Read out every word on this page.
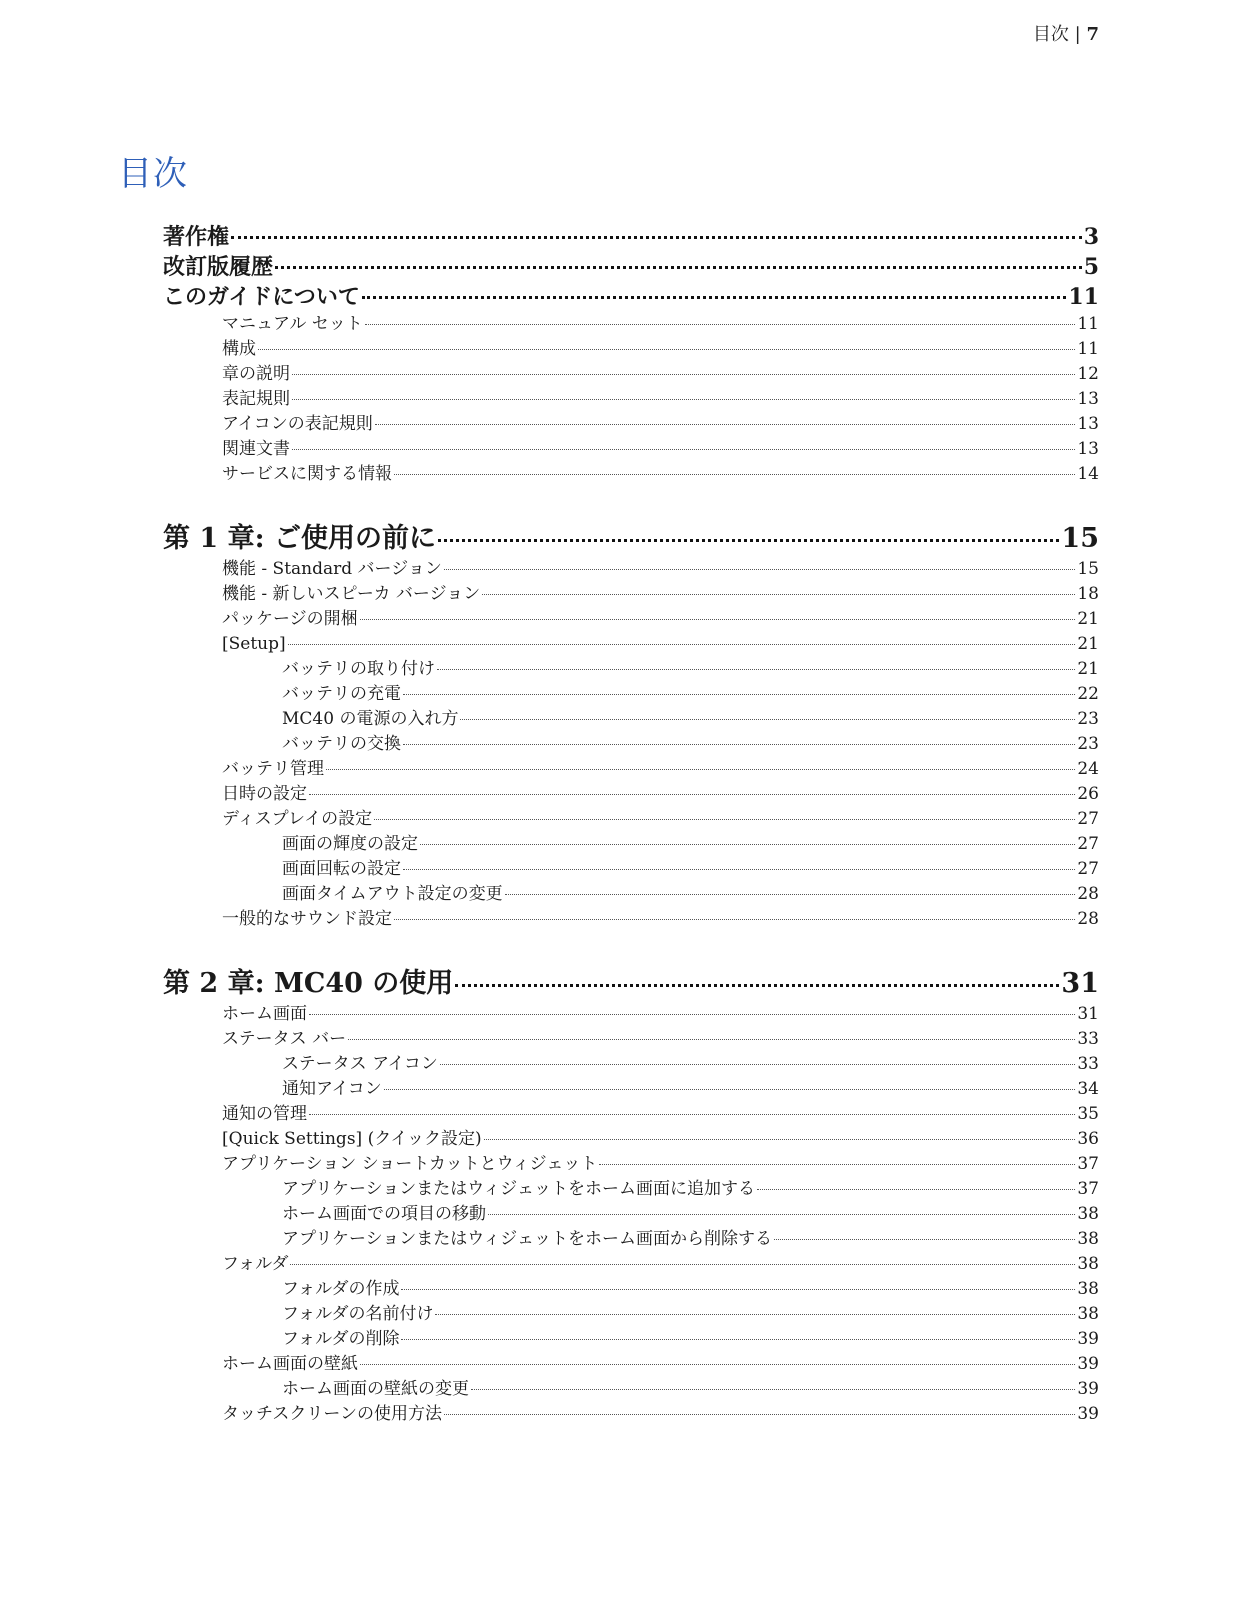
目次 | 7
目次
著作権	3
改訂版履歴	5
このガイドについて	11
マニュアル セット	11
構成	11
章の説明	12
表記規則	13
アイコンの表記規則	13
関連文書	13
サービスに関する情報	14
第 1 章: ご使用の前に	15
機能 - Standard バージョン	15
機能 - 新しいスピーカ バージョン	18
パッケージの開梱	21
[Setup]	21
バッテリの取り付け	21
バッテリの充電	22
MC40 の電源の入れ方	23
バッテリの交換	23
バッテリ管理	24
日時の設定	26
ディスプレイの設定	27
画面の輝度の設定	27
画面回転の設定	27
画面タイムアウト設定の変更	28
一般的なサウンド設定	28
第 2 章: MC40 の使用	31
ホーム画面	31
ステータス バー	33
ステータス アイコン	33
通知アイコン	34
通知の管理	35
[Quick Settings] (クイック設定)	36
アプリケーション ショートカットとウィジェット	37
アプリケーションまたはウィジェットをホーム画面に追加する	37
ホーム画面での項目の移動	38
アプリケーションまたはウィジェットをホーム画面から削除する	38
フォルダ	38
フォルダの作成	38
フォルダの名前付け	38
フォルダの削除	39
ホーム画面の壁紙	39
ホーム画面の壁紙の変更	39
タッチスクリーンの使用方法	39
